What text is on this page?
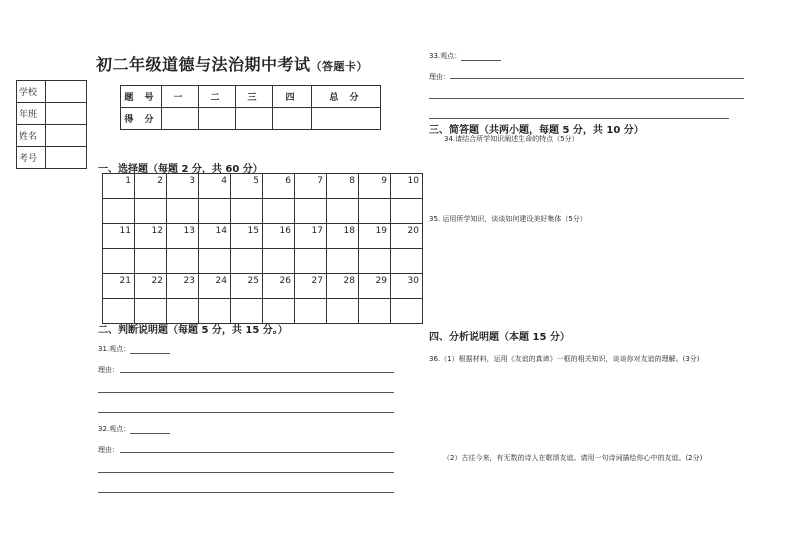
初二年级道德与法治期中考试（答题卡）
学校	
年班	
姓名	
考号	
题 号	一	二	三	四	总 分
得 分					
一、选择题（每题 2 分，共 60 分）
1	2	3	4	5	6	7	8	9	10

11	12	13	14	15	16	17	18	19	20

21	22	23	24	25	26	27	28	29	30

二、判断说明题（每题 5 分，共 15 分。）
31.观点：
理由：
32.观点：
理由：
33.观点：
理由：
三、简答题（共两小题，每题 5 分，共 10 分）
34.请结合所学知识阐述生命的特点（5分）
35. 运用所学知识，谈谈如何建设美好集体（5分）
四、分析说明题（本题 15 分）
36.（1）根据材料，运用《友谊的真谛》一框的相关知识，谈谈你对友谊的理解。(3分)
（2）古往今来，有无数的诗人在歌颂友谊。请用一句诗词描绘你心中的友谊。(2分)
